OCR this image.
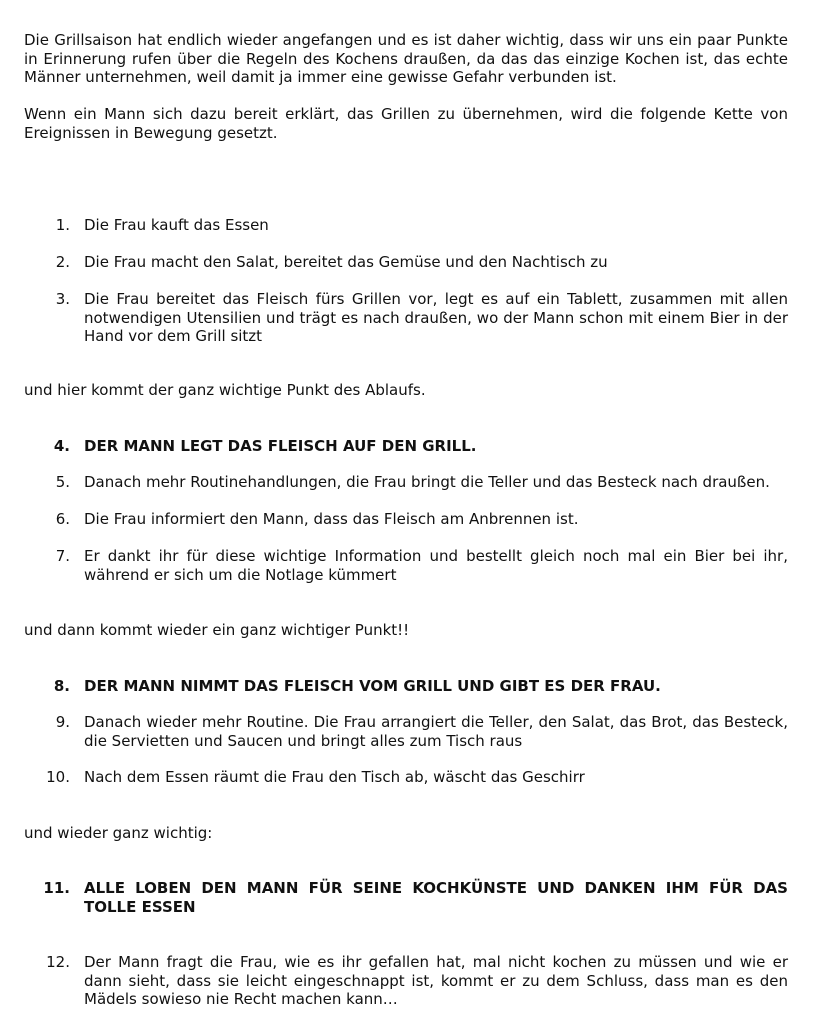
Die Grillsaison hat endlich wieder angefangen und es ist daher wichtig, dass wir uns ein paar Punkte in Erinnerung rufen über die Regeln des Kochens draußen, da das das einzige Kochen ist, das echte Männer unternehmen, weil damit ja immer eine gewisse Gefahr verbunden ist.

Wenn ein Mann sich dazu bereit erklärt, das Grillen zu übernehmen, wird die folgende Kette von Ereignissen in Bewegung gesetzt.

1. Die Frau kauft das Essen
2. Die Frau macht den Salat, bereitet das Gemüse und den Nachtisch zu
3. Die Frau bereitet das Fleisch fürs Grillen vor, legt es auf ein Tablett, zusammen mit allen notwendigen Utensilien und trägt es nach draußen, wo der Mann schon mit einem Bier in der Hand vor dem Grill sitzt

und hier kommt der ganz wichtige Punkt des Ablaufs.

4. DER MANN LEGT DAS FLEISCH AUF DEN GRILL.
5. Danach mehr Routinehandlungen, die Frau bringt die Teller und das Besteck nach draußen.
6. Die Frau informiert den Mann, dass das Fleisch am Anbrennen ist.
7. Er dankt ihr für diese wichtige Information und bestellt gleich noch mal ein Bier bei ihr, während er sich um die Notlage kümmert

und dann kommt wieder ein ganz wichtiger Punkt!!

8. DER MANN NIMMT DAS FLEISCH VOM GRILL UND GIBT ES DER FRAU.
9. Danach wieder mehr Routine. Die Frau arrangiert die Teller, den Salat, das Brot, das Besteck, die Servietten und Saucen und bringt alles zum Tisch raus
10. Nach dem Essen räumt die Frau den Tisch ab, wäscht das Geschirr

und wieder ganz wichtig:

11. ALLE LOBEN DEN MANN FÜR SEINE KOCHKÜNSTE UND DANKEN IHM FÜR DAS TOLLE ESSEN
12. Der Mann fragt die Frau, wie es ihr gefallen hat, mal nicht kochen zu müssen und wie er dann sieht, dass sie leicht eingeschnappt ist, kommt er zu dem Schluss, dass man es den Mädels sowieso nie Recht machen kann…
